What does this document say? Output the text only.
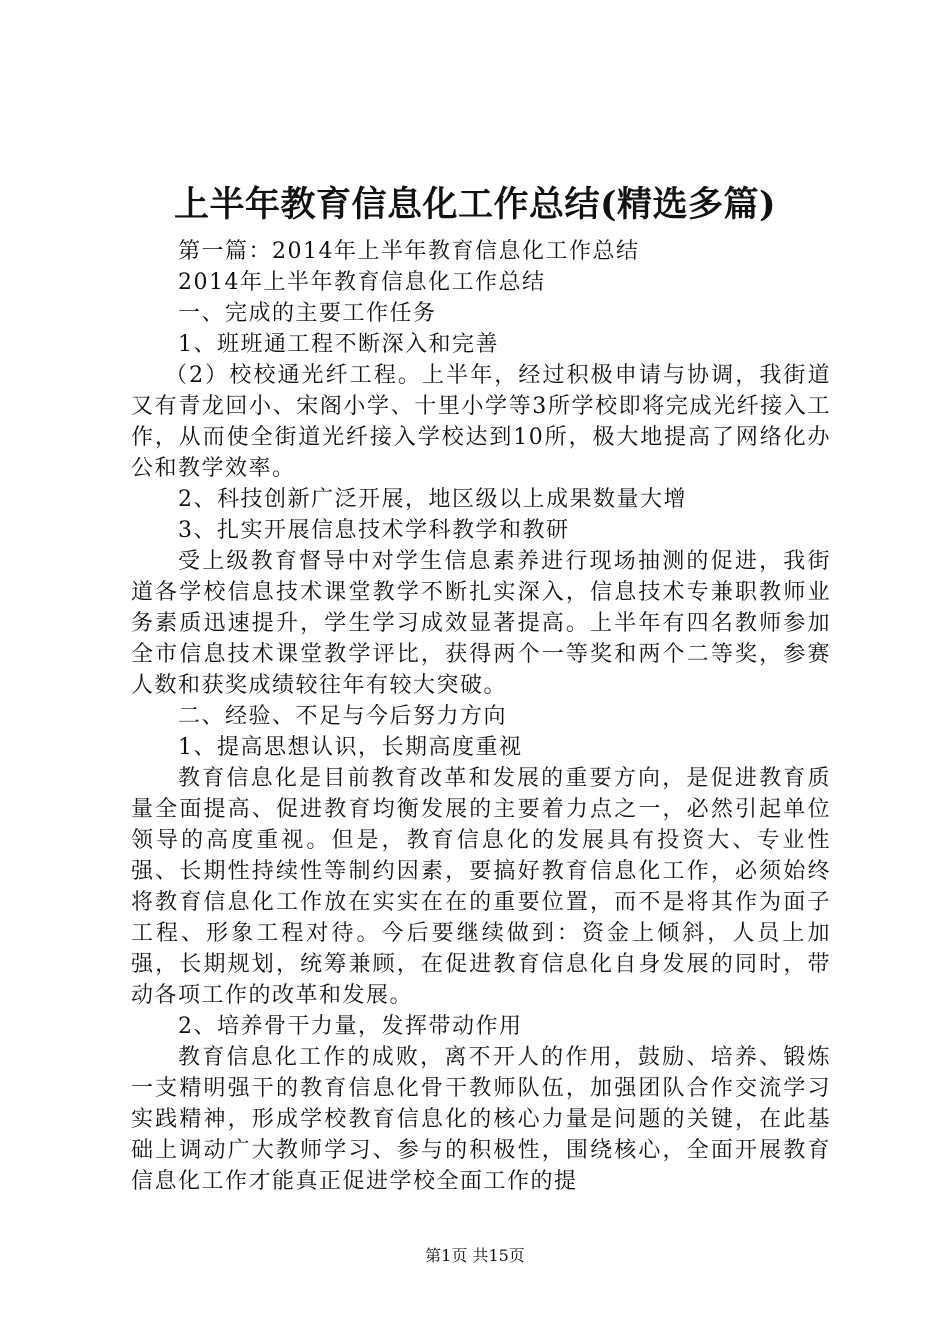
上半年教育信息化工作总结(精选多篇)

第一篇：2014年上半年教育信息化工作总结

2014年上半年教育信息化工作总结

一、完成的主要工作任务

1、班班通工程不断深入和完善

（2）校校通光纤工程。上半年，经过积极申请与协调，我街道又有青龙回小、宋阁小学、十里小学等3所学校即将完成光纤接入工作，从而使全街道光纤接入学校达到10所，极大地提高了网络化办公和教学效率。

2、科技创新广泛开展，地区级以上成果数量大增

3、扎实开展信息技术学科教学和教研

受上级教育督导中对学生信息素养进行现场抽测的促进，我街道各学校信息技术课堂教学不断扎实深入，信息技术专兼职教师业务素质迅速提升，学生学习成效显著提高。上半年有四名教师参加全市信息技术课堂教学评比，获得两个一等奖和两个二等奖，参赛人数和获奖成绩较往年有较大突破。

二、经验、不足与今后努力方向

1、提高思想认识，长期高度重视

教育信息化是目前教育改革和发展的重要方向，是促进教育质量全面提高、促进教育均衡发展的主要着力点之一，必然引起单位领导的高度重视。但是，教育信息化的发展具有投资大、专业性强、长期性持续性等制约因素，要搞好教育信息化工作，必须始终将教育信息化工作放在实实在在的重要位置，而不是将其作为面子工程、形象工程对待。今后要继续做到：资金上倾斜，人员上加强，长期规划，统筹兼顾，在促进教育信息化自身发展的同时，带动各项工作的改革和发展。

2、培养骨干力量，发挥带动作用

教育信息化工作的成败，离不开人的作用，鼓励、培养、锻炼一支精明强干的教育信息化骨干教师队伍，加强团队合作交流学习实践精神，形成学校教育信息化的核心力量是问题的关键，在此基础上调动广大教师学习、参与的积极性，围绕核心，全面开展教育信息化工作才能真正促进学校全面工作的提

第1页 共15页
